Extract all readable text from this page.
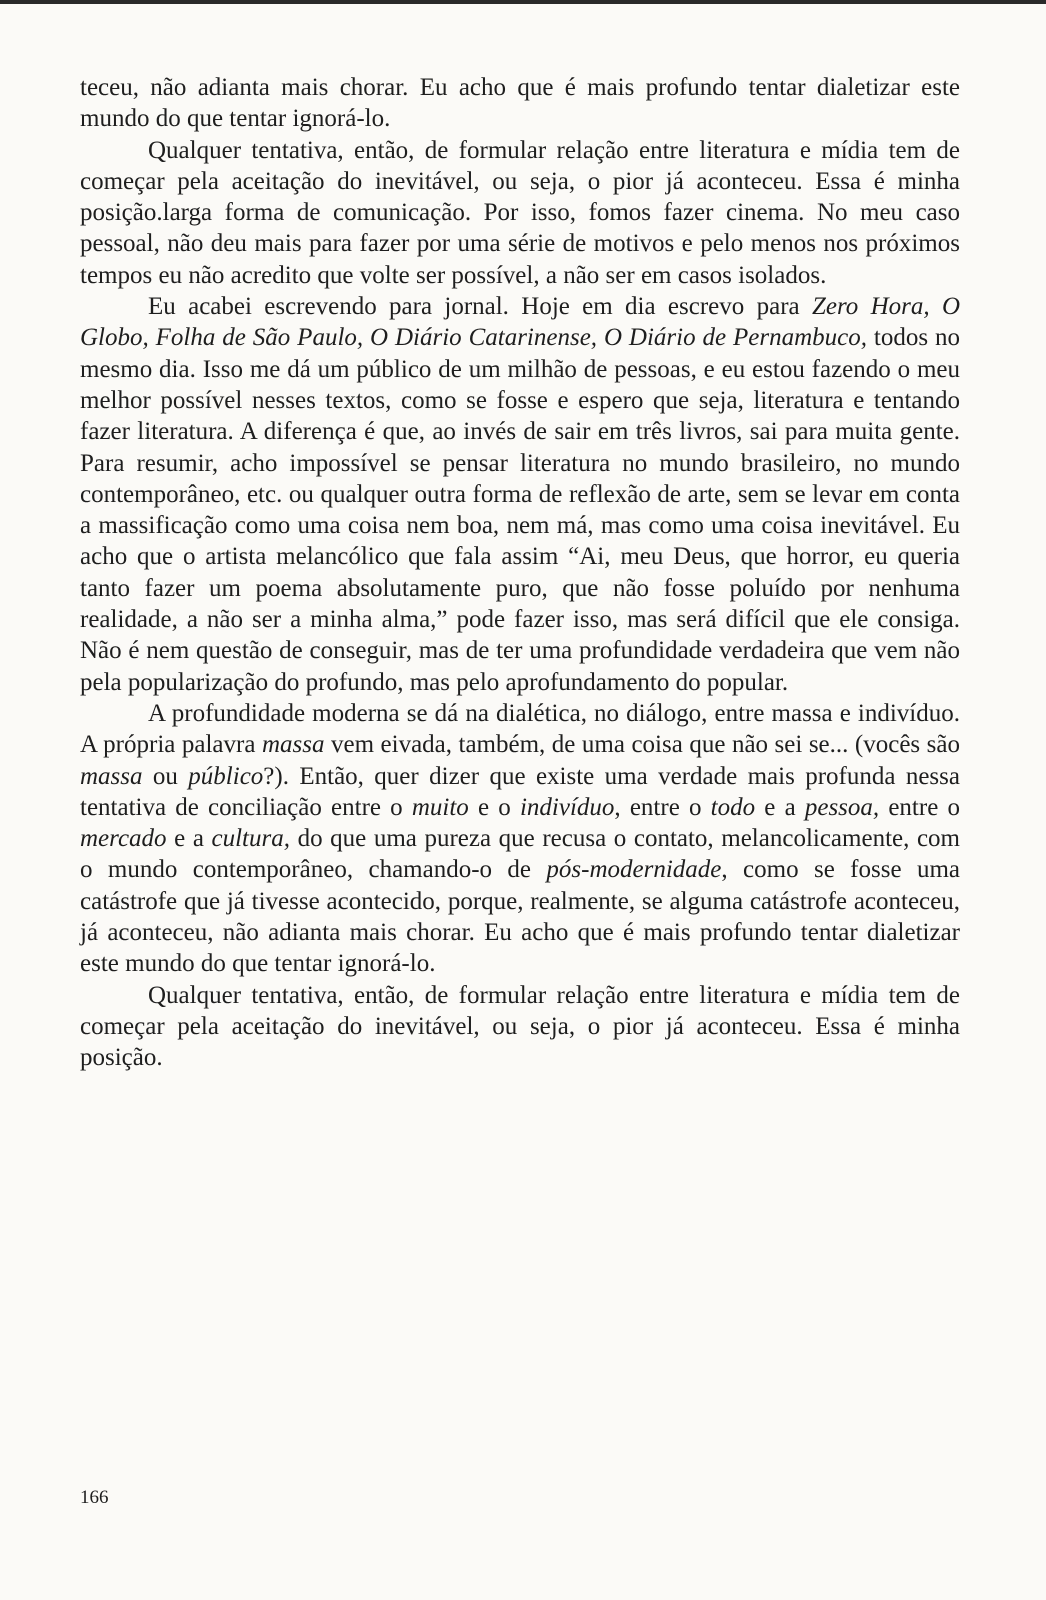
teceu, não adianta mais chorar. Eu acho que é mais profundo tentar dialetizar este mundo do que tentar ignorá-lo.

Qualquer tentativa, então, de formular relação entre literatura e mídia tem de começar pela aceitação do inevitável, ou seja, o pior já aconteceu. Essa é minha posição.larga forma de comunicação. Por isso, fomos fazer cinema. No meu caso pessoal, não deu mais para fazer por uma série de motivos e pelo menos nos próximos tempos eu não acredito que volte ser possível, a não ser em casos isolados.

Eu acabei escrevendo para jornal. Hoje em dia escrevo para Zero Hora, O Globo, Folha de São Paulo, O Diário Catarinense, O Diário de Pernambuco, todos no mesmo dia. Isso me dá um público de um milhão de pessoas, e eu estou fazendo o meu melhor possível nesses textos, como se fosse e espero que seja, literatura e tentando fazer literatura. A diferença é que, ao invés de sair em três livros, sai para muita gente. Para resumir, acho impossível se pensar literatura no mundo brasileiro, no mundo contemporâneo, etc. ou qualquer outra forma de reflexão de arte, sem se levar em conta a massificação como uma coisa nem boa, nem má, mas como uma coisa inevitável. Eu acho que o artista melancólico que fala assim “Ai, meu Deus, que horror, eu queria tanto fazer um poema absolutamente puro, que não fosse poluído por nenhuma realidade, a não ser a minha alma,” pode fazer isso, mas será difícil que ele consiga. Não é nem questão de conseguir, mas de ter uma profundidade verdadeira que vem não pela popularização do profundo, mas pelo aprofundamento do popular.

A profundidade moderna se dá na dialética, no diálogo, entre massa e indivíduo. A própria palavra massa vem eivada, também, de uma coisa que não sei se... (vocês são massa ou público?). Então, quer dizer que existe uma verdade mais profunda nessa tentativa de conciliação entre o muito e o indivíduo, entre o todo e a pessoa, entre o mercado e a cultura, do que uma pureza que recusa o contato, melancolicamente, com o mundo contemporâneo, chamando-o de pós-modernidade, como se fosse uma catástrofe que já tivesse acontecido, porque, realmente, se alguma catástrofe aconteceu, já aconteceu, não adianta mais chorar. Eu acho que é mais profundo tentar dialetizar este mundo do que tentar ignorá-lo.

Qualquer tentativa, então, de formular relação entre literatura e mídia tem de começar pela aceitação do inevitável, ou seja, o pior já aconteceu. Essa é minha posição.

166
